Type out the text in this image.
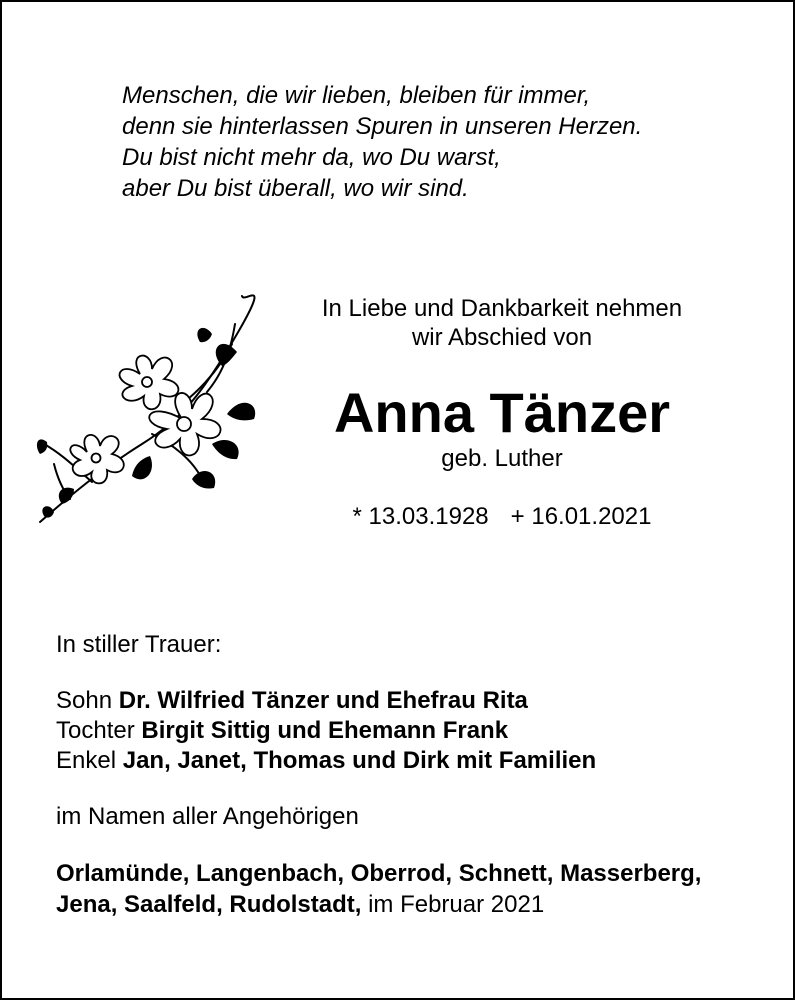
Menschen, die wir lieben, bleiben für immer,
denn sie hinterlassen Spuren in unseren Herzen.
Du bist nicht mehr da, wo Du warst,
aber Du bist überall, wo wir sind.
In Liebe und Dankbarkeit nehmen
wir Abschied von
Anna Tänzer
geb. Luther
* 13.03.1928 + 16.01.2021
In stiller Trauer:
Sohn Dr. Wilfried Tänzer und Ehefrau Rita
Tochter Birgit Sittig und Ehemann Frank
Enkel Jan, Janet, Thomas und Dirk mit Familien
im Namen aller Angehörigen
Orlamünde, Langenbach, Oberrod, Schnett, Masserberg,
Jena, Saalfeld, Rudolstadt, im Februar 2021
